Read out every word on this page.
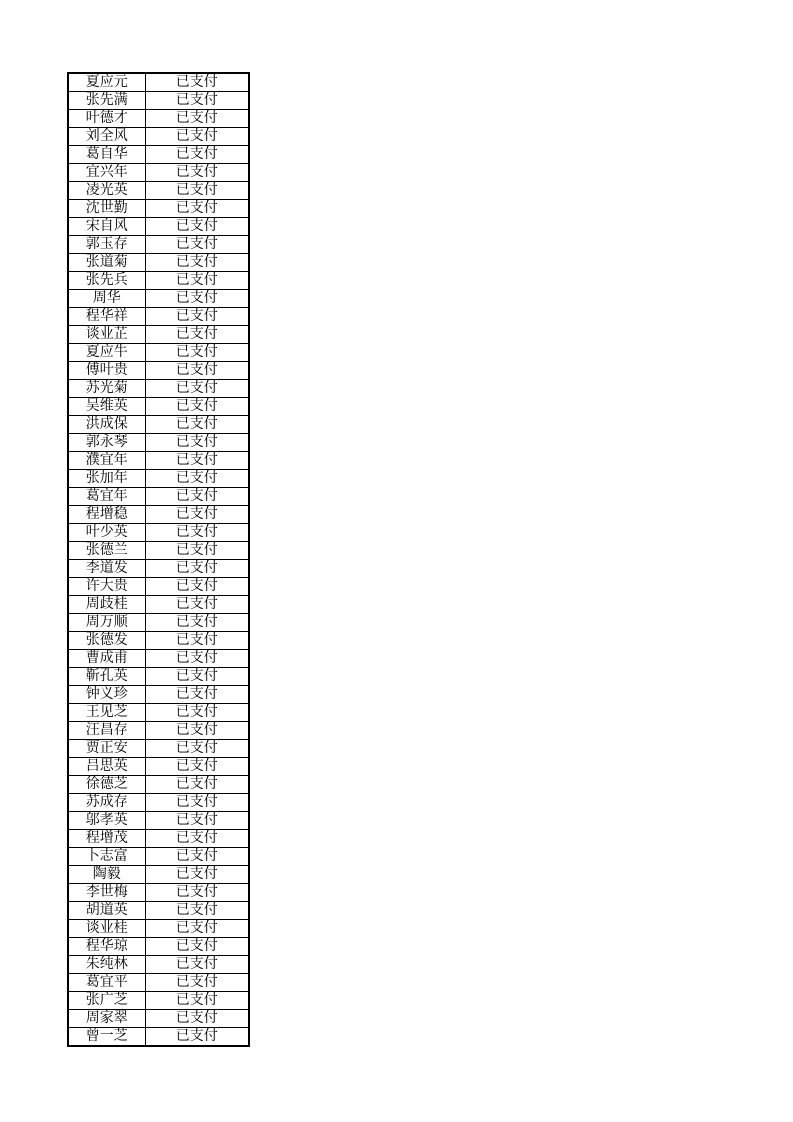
夏应元	已支付
张先满	已支付
叶德才	已支付
刘全风	已支付
葛自华	已支付
宜兴年	已支付
凌光英	已支付
沈世勤	已支付
宋自风	已支付
郭玉存	已支付
张道菊	已支付
张先兵	已支付
周华	已支付
程华祥	已支付
谈业芷	已支付
夏应牛	已支付
傅叶贵	已支付
苏光菊	已支付
吴维英	已支付
洪成保	已支付
郭永琴	已支付
濮宜年	已支付
张加年	已支付
葛宜年	已支付
程增稳	已支付
叶少英	已支付
张德兰	已支付
李道发	已支付
许大贵	已支付
周歧桂	已支付
周万顺	已支付
张德发	已支付
曹成甫	已支付
靳孔英	已支付
钟义珍	已支付
王见芝	已支付
汪昌存	已支付
贾正安	已支付
吕思英	已支付
徐德芝	已支付
苏成存	已支付
邬孝英	已支付
程增茂	已支付
卜志富	已支付
陶毅	已支付
李世梅	已支付
胡道英	已支付
谈业桂	已支付
程华琼	已支付
朱纯林	已支付
葛宜平	已支付
张广芝	已支付
周家翠	已支付
曾一芝	已支付
